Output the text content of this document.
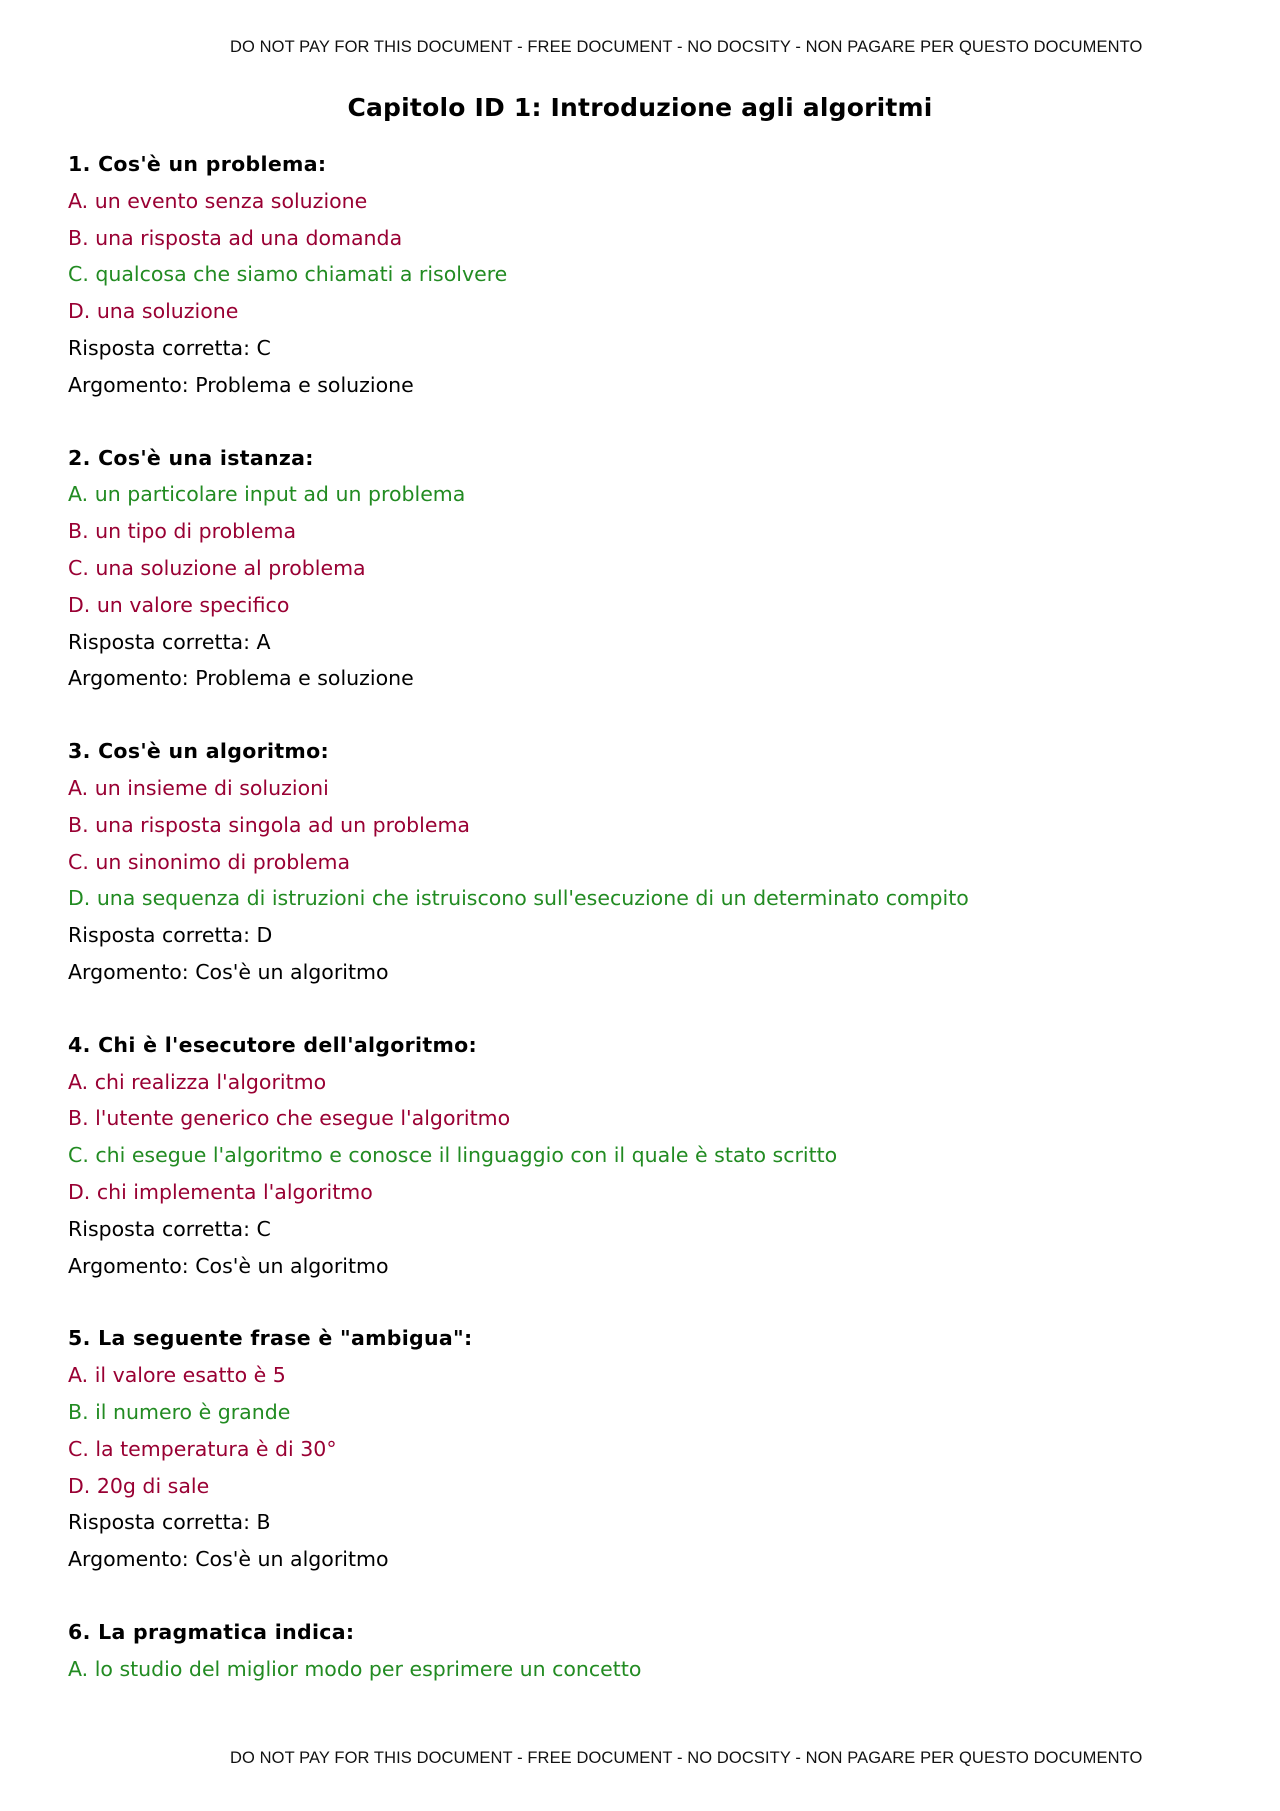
DO NOT PAY FOR THIS DOCUMENT - FREE DOCUMENT - NO DOCSITY - NON PAGARE PER QUESTO DOCUMENTO
Capitolo ID 1: Introduzione agli algoritmi
1. Cos'è un problema:
A. un evento senza soluzione
B. una risposta ad una domanda
C. qualcosa che siamo chiamati a risolvere
D. una soluzione
Risposta corretta: C
Argomento: Problema e soluzione
2. Cos'è una istanza:
A. un particolare input ad un problema
B. un tipo di problema
C. una soluzione al problema
D. un valore specifico
Risposta corretta: A
Argomento: Problema e soluzione
3. Cos'è un algoritmo:
A. un insieme di soluzioni
B. una risposta singola ad un problema
C. un sinonimo di problema
D. una sequenza di istruzioni che istruiscono sull'esecuzione di un determinato compito
Risposta corretta: D
Argomento: Cos'è un algoritmo
4. Chi è l'esecutore dell'algoritmo:
A. chi realizza l'algoritmo
B. l'utente generico che esegue l'algoritmo
C. chi esegue l'algoritmo e conosce il linguaggio con il quale è stato scritto
D. chi implementa l'algoritmo
Risposta corretta: C
Argomento: Cos'è un algoritmo
5. La seguente frase è "ambigua":
A. il valore esatto è 5
B. il numero è grande
C. la temperatura è di 30°
D. 20g di sale
Risposta corretta: B
Argomento: Cos'è un algoritmo
6. La pragmatica indica:
A. lo studio del miglior modo per esprimere un concetto
DO NOT PAY FOR THIS DOCUMENT - FREE DOCUMENT - NO DOCSITY - NON PAGARE PER QUESTO DOCUMENTO
